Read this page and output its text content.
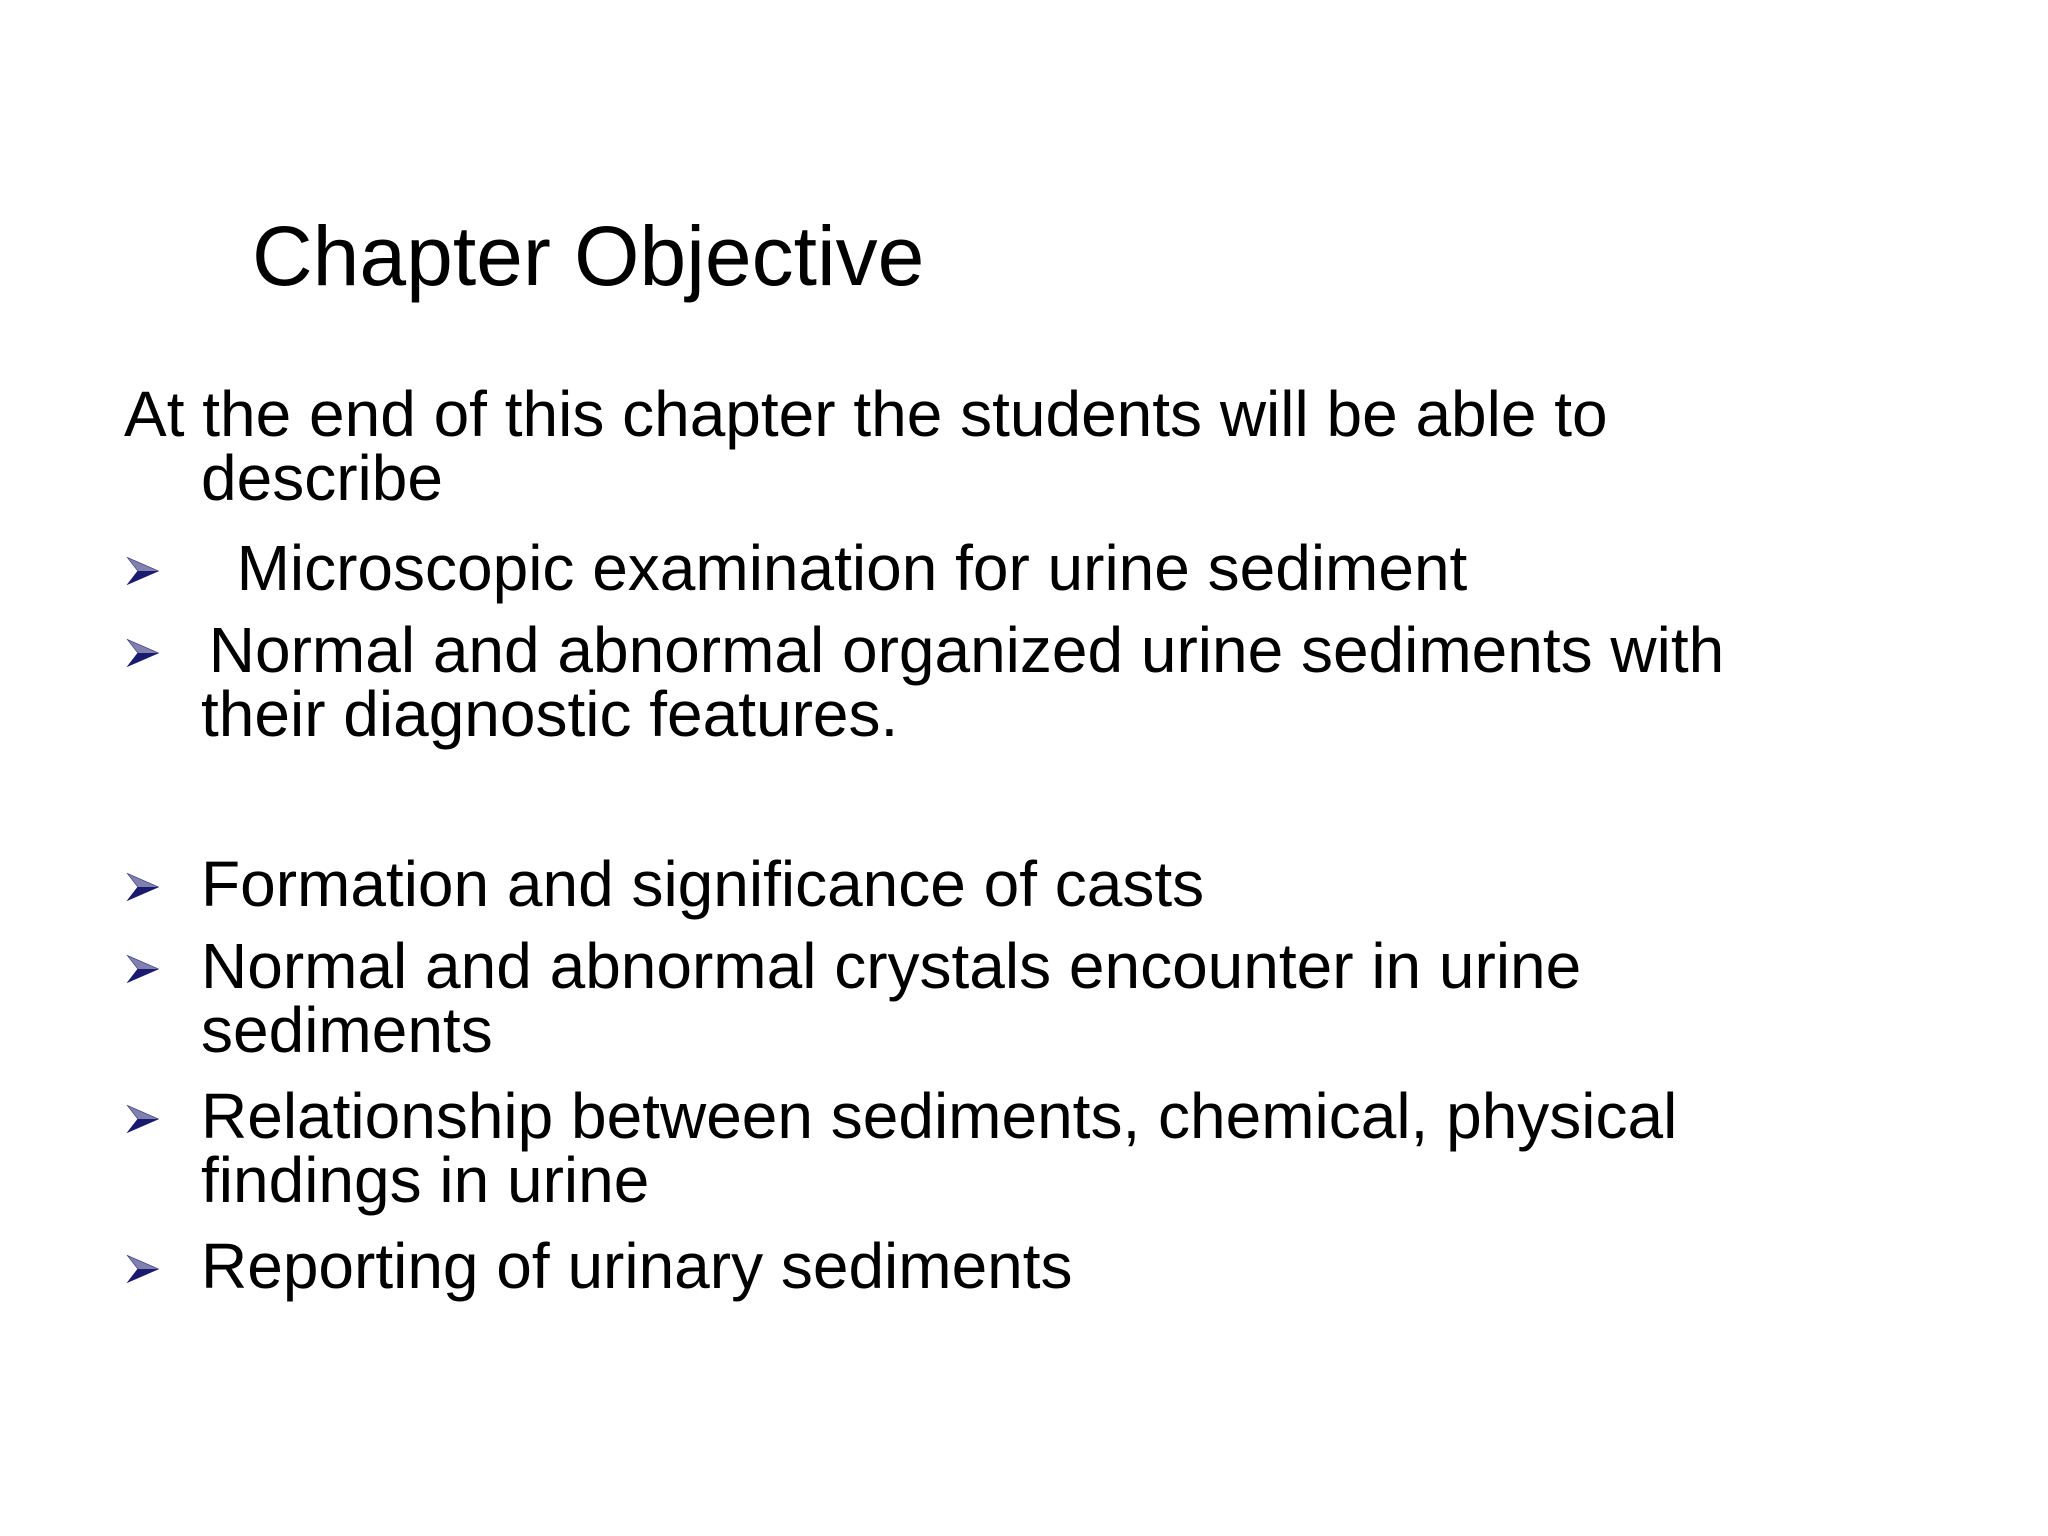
Chapter Objective
At the end of this chapter the students will be able to
describe
Microscopic examination for urine sediment
Normal and abnormal organized urine sediments with
their diagnostic features.
Formation and significance of casts
Normal and abnormal crystals encounter in urine
sediments
Relationship between sediments, chemical, physical
findings in urine
Reporting of urinary sediments
